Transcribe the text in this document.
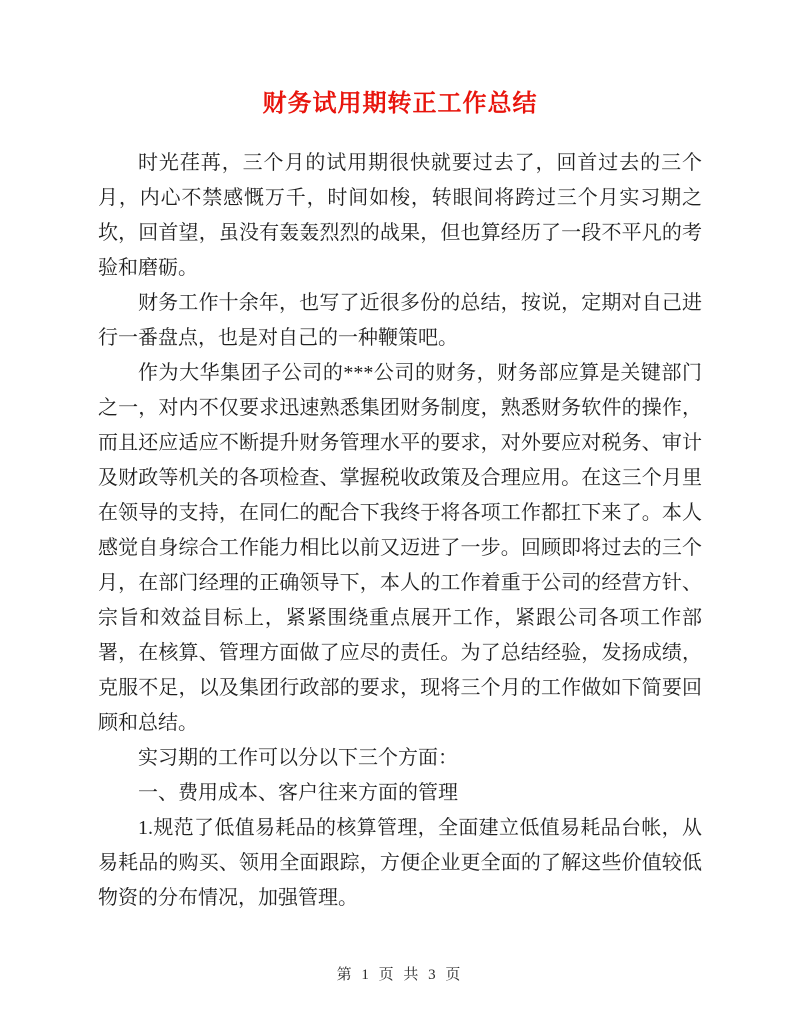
财务试用期转正工作总结

时光荏苒，三个月的试用期很快就要过去了，回首过去的三个月，内心不禁感慨万千，时间如梭，转眼间将跨过三个月实习期之坎，回首望，虽没有轰轰烈烈的战果，但也算经历了一段不平凡的考验和磨砺。

财务工作十余年，也写了近很多份的总结，按说，定期对自己进行一番盘点，也是对自己的一种鞭策吧。

作为大华集团子公司的***公司的财务，财务部应算是关键部门之一，对内不仅要求迅速熟悉集团财务制度，熟悉财务软件的操作，而且还应适应不断提升财务管理水平的要求，对外要应对税务、审计及财政等机关的各项检查、掌握税收政策及合理应用。在这三个月里在领导的支持，在同仁的配合下我终于将各项工作都扛下来了。本人感觉自身综合工作能力相比以前又迈进了一步。回顾即将过去的三个月，在部门经理的正确领导下，本人的工作着重于公司的经营方针、宗旨和效益目标上，紧紧围绕重点展开工作，紧跟公司各项工作部署，在核算、管理方面做了应尽的责任。为了总结经验，发扬成绩，克服不足，以及集团行政部的要求，现将三个月的工作做如下简要回顾和总结。

实习期的工作可以分以下三个方面：

一、费用成本、客户往来方面的管理

1.规范了低值易耗品的核算管理，全面建立低值易耗品台帐，从易耗品的购买、领用全面跟踪，方便企业更全面的了解这些价值较低物资的分布情况，加强管理。

第 1 页 共 3 页
